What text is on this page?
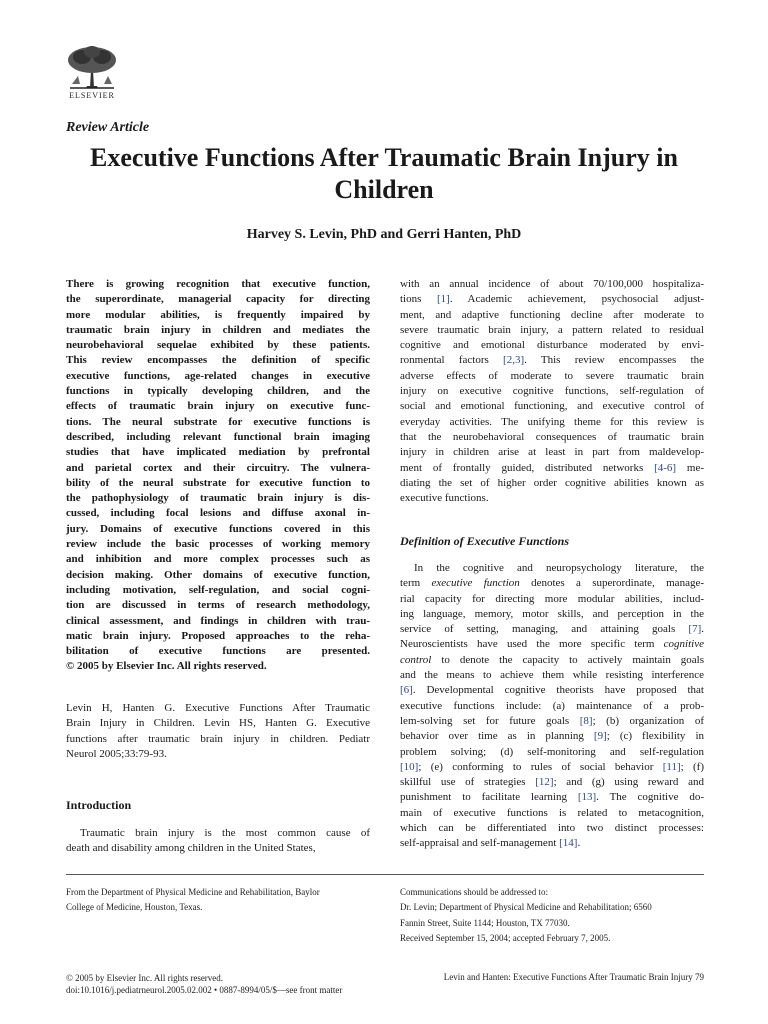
ELSEVIER
Review Article
Executive Functions After Traumatic Brain Injury in Children
Harvey S. Levin, PhD and Gerri Hanten, PhD
There is growing recognition that executive function,
the superordinate, managerial capacity for directing
more modular abilities, is frequently impaired by
traumatic brain injury in children and mediates the
neurobehavioral sequelae exhibited by these patients.
This review encompasses the definition of specific
executive functions, age-related changes in executive
functions in typically developing children, and the
effects of traumatic brain injury on executive func-
tions. The neural substrate for executive functions is
described, including relevant functional brain imaging
studies that have implicated mediation by prefrontal
and parietal cortex and their circuitry. The vulnera-
bility of the neural substrate for executive function to
the pathophysiology of traumatic brain injury is dis-
cussed, including focal lesions and diffuse axonal in-
jury. Domains of executive functions covered in this
review include the basic processes of working memory
and inhibition and more complex processes such as
decision making. Other domains of executive function,
including motivation, self-regulation, and social cogni-
tion are discussed in terms of research methodology,
clinical assessment, and findings in children with trau-
matic brain injury. Proposed approaches to the reha-
bilitation of executive functions are presented.
© 2005 by Elsevier Inc. All rights reserved.
Levin H, Hanten G. Executive Functions After Traumatic
Brain Injury in Children. Levin HS, Hanten G. Executive
functions after traumatic brain injury in children. Pediatr
Neurol 2005;33:79-93.
Introduction
Traumatic brain injury is the most common cause of
death and disability among children in the United States,
with an annual incidence of about 70/100,000 hospitaliza-
tions [1]. Academic achievement, psychosocial adjust-
ment, and adaptive functioning decline after moderate to
severe traumatic brain injury, a pattern related to residual
cognitive and emotional disturbance moderated by envi-
ronmental factors [2,3]. This review encompasses the
adverse effects of moderate to severe traumatic brain
injury on executive cognitive functions, self-regulation of
social and emotional functioning, and executive control of
everyday activities. The unifying theme for this review is
that the neurobehavioral consequences of traumatic brain
injury in children arise at least in part from maldevelop-
ment of frontally guided, distributed networks [4-6] me-
diating the set of higher order cognitive abilities known as
executive functions.
Definition of Executive Functions
In the cognitive and neuropsychology literature, the
term executive function denotes a superordinate, manage-
rial capacity for directing more modular abilities, includ-
ing language, memory, motor skills, and perception in the
service of setting, managing, and attaining goals [7].
Neuroscientists have used the more specific term cognitive
control to denote the capacity to actively maintain goals
and the means to achieve them while resisting interference
[6]. Developmental cognitive theorists have proposed that
executive functions include: (a) maintenance of a prob-
lem-solving set for future goals [8]; (b) organization of
behavior over time as in planning [9]; (c) flexibility in
problem solving; (d) self-monitoring and self-regulation
[10]; (e) conforming to rules of social behavior [11]; (f)
skillful use of strategies [12]; and (g) using reward and
punishment to facilitate learning [13]. The cognitive do-
main of executive functions is related to metacognition,
which can be differentiated into two distinct processes:
self-appraisal and self-management [14].
From the Department of Physical Medicine and Rehabilitation, Baylor
College of Medicine, Houston, Texas.
Communications should be addressed to:
Dr. Levin; Department of Physical Medicine and Rehabilitation; 6560
Fannin Street, Suite 1144; Houston, TX 77030.
Received September 15, 2004; accepted February 7, 2005.
© 2005 by Elsevier Inc. All rights reserved.
doi:10.1016/j.pediatrneurol.2005.02.002 • 0887-8994/05/$—see front matter
Levin and Hanten: Executive Functions After Traumatic Brain Injury 79
